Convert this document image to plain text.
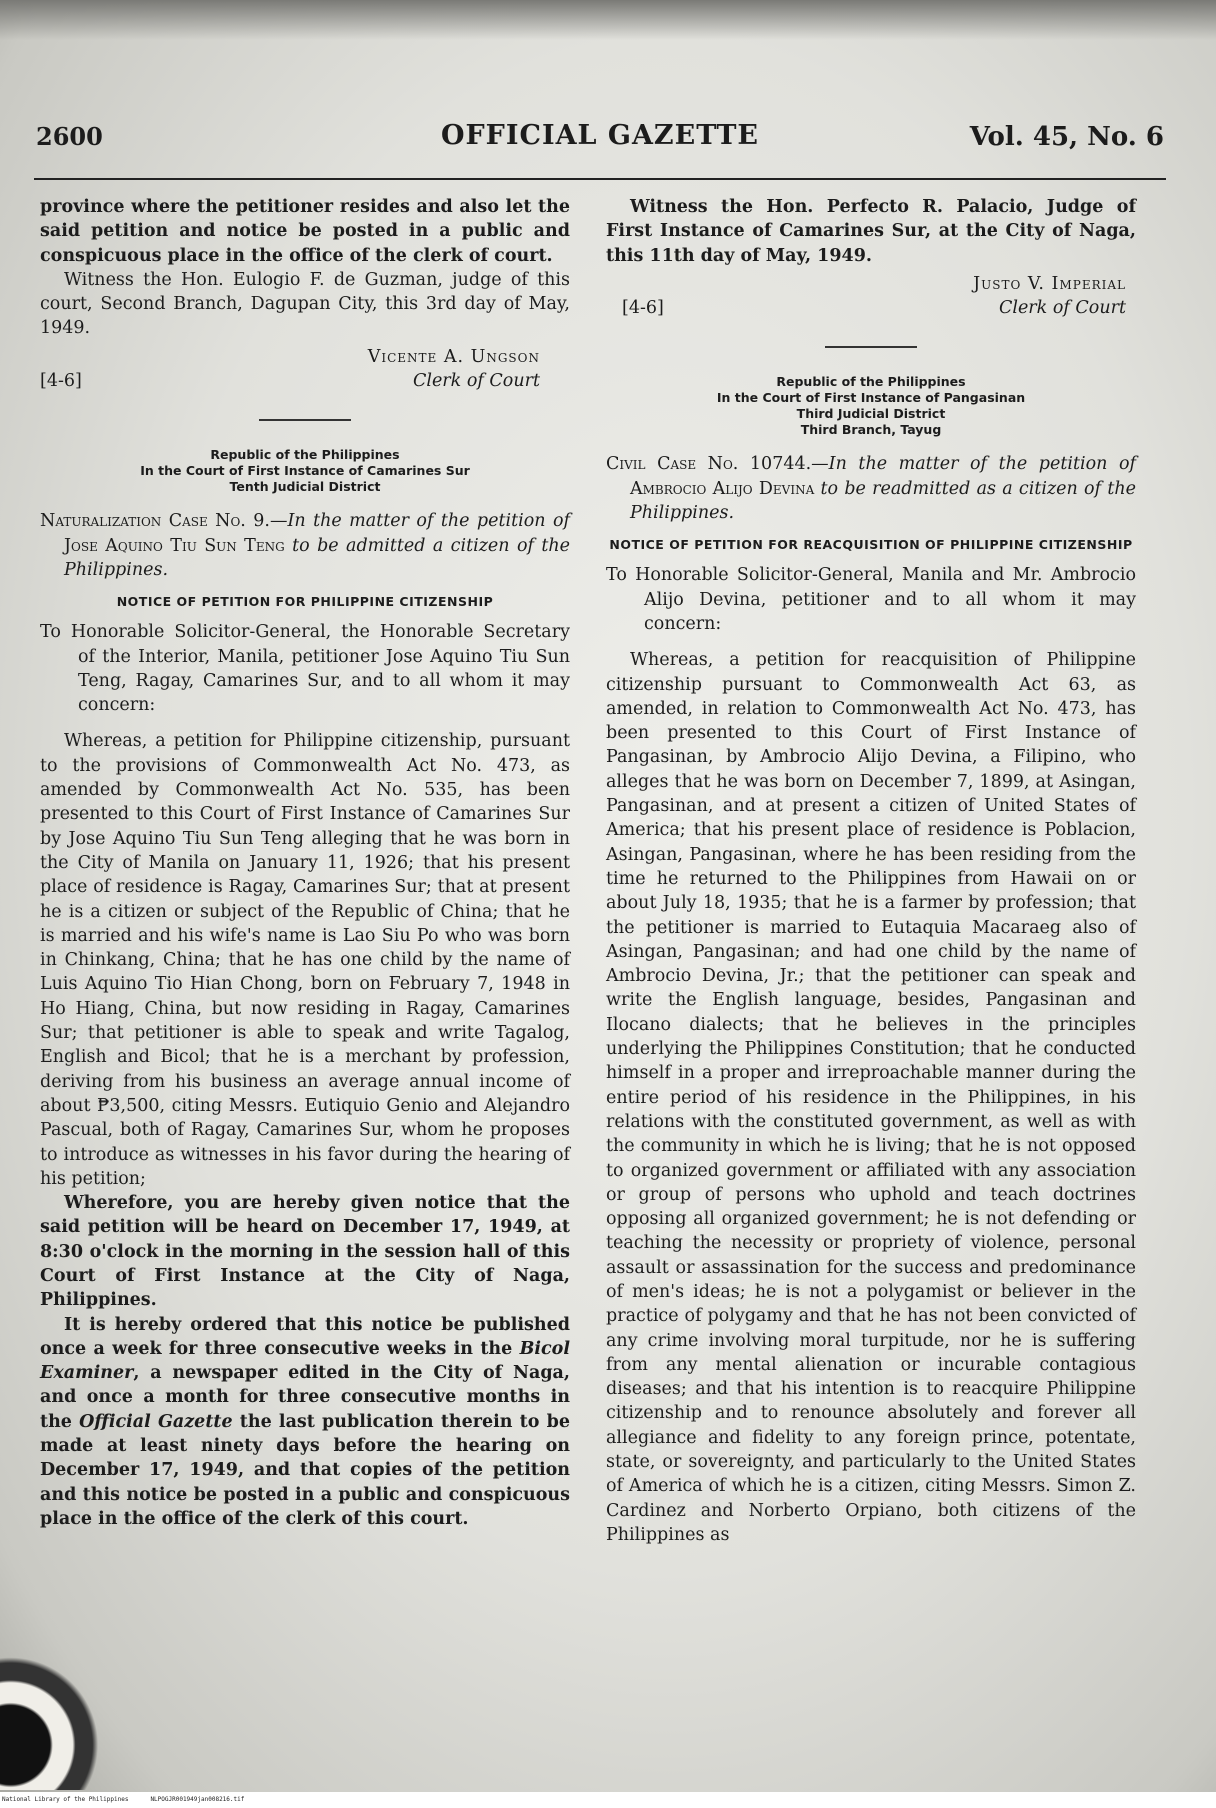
2600	OFFICIAL GAZETTE	Vol. 45, No. 6

province where the petitioner resides and also let the said petition and notice be posted in a public and conspicuous place in the office of the clerk of court.

Witness the Hon. Eulogio F. de Guzman, judge of this court, Second Branch, Dagupan City, this 3rd day of May, 1949.

[4-6]
Vicente A. Ungson
Clerk of Court
Republic of the Philippines
In the Court of First Instance of Camarines Sur
Tenth Judicial District

Naturalization Case No. 9.—In the matter of the petition of Jose Aquino Tiu Sun Teng to be admitted a citizen of the Philippines.

NOTICE OF PETITION FOR PHILIPPINE CITIZENSHIP

To Honorable Solicitor-General, the Honorable Secretary of the Interior, Manila, petitioner Jose Aquino Tiu Sun Teng, Ragay, Camarines Sur, and to all whom it may concern:

Whereas, a petition for Philippine citizenship, pursuant to the provisions of Commonwealth Act No. 473, as amended by Commonwealth Act No. 535, has been presented to this Court of First Instance of Camarines Sur by Jose Aquino Tiu Sun Teng alleging that he was born in the City of Manila on January 11, 1926; that his present place of residence is Ragay, Camarines Sur; that at present he is a citizen or subject of the Republic of China; that he is married and his wife's name is Lao Siu Po who was born in Chinkang, China; that he has one child by the name of Luis Aquino Tio Hian Chong, born on February 7, 1948 in Ho Hiang, China, but now residing in Ragay, Camarines Sur; that petitioner is able to speak and write Tagalog, English and Bicol; that he is a merchant by profession, deriving from his business an average annual income of about ₱3,500, citing Messrs. Eutiquio Genio and Alejandro Pascual, both of Ragay, Camarines Sur, whom he proposes to introduce as witnesses in his favor during the hearing of his petition;

Wherefore, you are hereby given notice that the said petition will be heard on December 17, 1949, at 8:30 o'clock in the morning in the session hall of this Court of First Instance at the City of Naga, Philippines.

It is hereby ordered that this notice be published once a week for three consecutive weeks in the Bicol Examiner, a newspaper edited in the City of Naga, and once a month for three consecutive months in the Official Gazette the last publication therein to be made at least ninety days before the hearing on December 17, 1949, and that copies of the petition and this notice be posted in a public and conspicuous place in the office of the clerk of this court.

Witness the Hon. Perfecto R. Palacio, Judge of First Instance of Camarines Sur, at the City of Naga, this 11th day of May, 1949.

[4-6]
Justo V. Imperial
Clerk of Court
Republic of the Philippines
In the Court of First Instance of Pangasinan
Third Judicial District
Third Branch, Tayug

Civil Case No. 10744.—In the matter of the petition of Ambrocio Alijo Devina to be readmitted as a citizen of the Philippines.

NOTICE OF PETITION FOR REACQUISITION OF PHILIPPINE CITIZENSHIP

To Honorable Solicitor-General, Manila and Mr. Ambrocio Alijo Devina, petitioner and to all whom it may concern:

Whereas, a petition for reacquisition of Philippine citizenship pursuant to Commonwealth Act 63, as amended, in relation to Commonwealth Act No. 473, has been presented to this Court of First Instance of Pangasinan, by Ambrocio Alijo Devina, a Filipino, who alleges that he was born on December 7, 1899, at Asingan, Pangasinan, and at present a citizen of United States of America; that his present place of residence is Poblacion, Asingan, Pangasinan, where he has been residing from the time he returned to the Philippines from Hawaii on or about July 18, 1935; that he is a farmer by profession; that the petitioner is married to Eutaquia Macaraeg also of Asingan, Pangasinan; and had one child by the name of Ambrocio Devina, Jr.; that the petitioner can speak and write the English language, besides, Pangasinan and Ilocano dialects; that he believes in the principles underlying the Philippines Constitution; that he conducted himself in a proper and irreproachable manner during the entire period of his residence in the Philippines, in his relations with the constituted government, as well as with the community in which he is living; that he is not opposed to organized government or affiliated with any association or group of persons who uphold and teach doctrines opposing all organized government; he is not defending or teaching the necessity or propriety of violence, personal assault or assassination for the success and predominance of men's ideas; he is not a polygamist or believer in the practice of polygamy and that he has not been convicted of any crime involving moral turpitude, nor he is suffering from any mental alienation or incurable contagious diseases; and that his intention is to reacquire Philippine citizenship and to renounce absolutely and forever all allegiance and fidelity to any foreign prince, potentate, state, or sovereignty, and particularly to the United States of America of which he is a citizen, citing Messrs. Simon Z. Cardinez and Norberto Orpiano, both citizens of the Philippines as

National Library of the Philippines	NLPOGJR001949jan008216.tif
